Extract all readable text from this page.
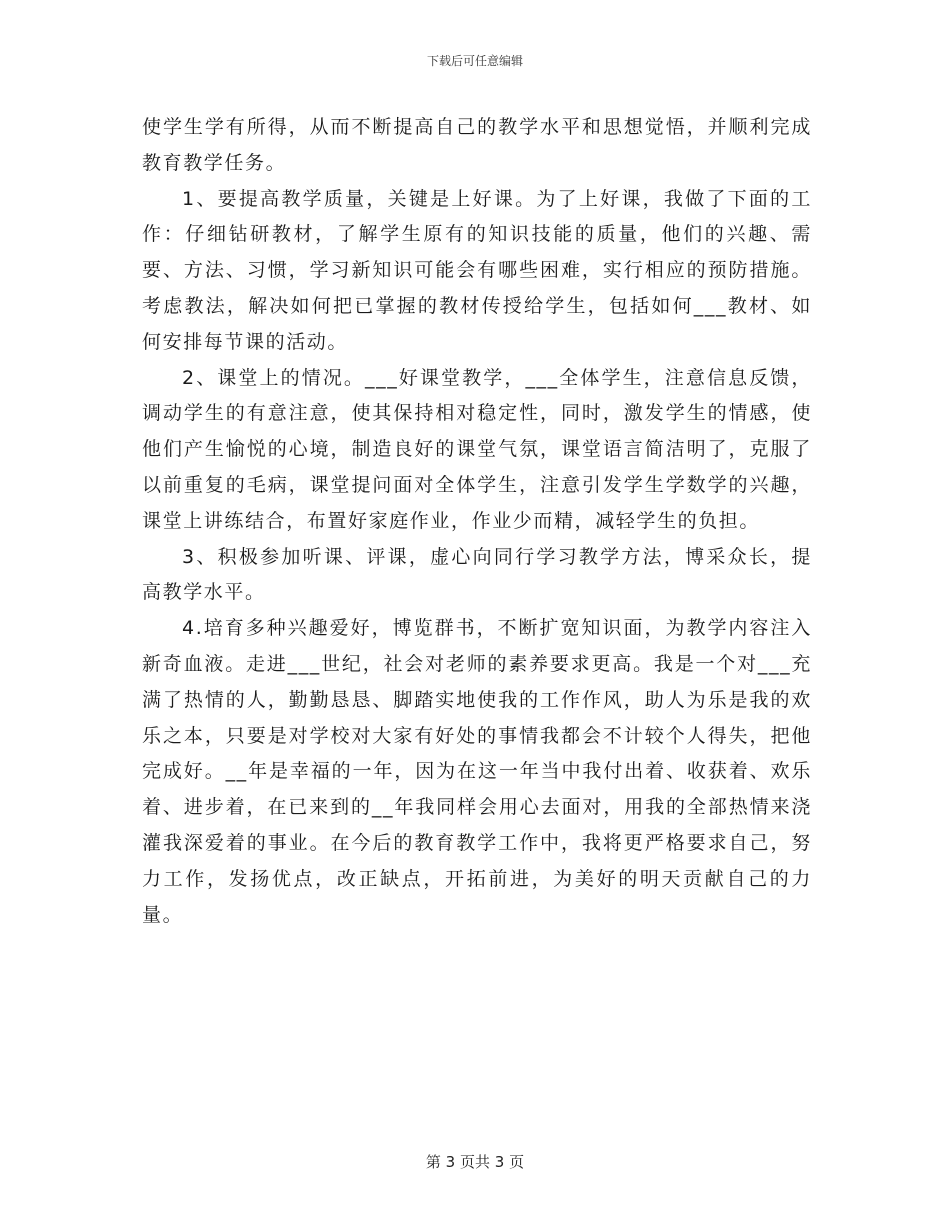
下载后可任意编辑

使学生学有所得，从而不断提高自己的教学水平和思想觉悟，并顺利完成教育教学任务。

1、要提高教学质量，关键是上好课。为了上好课，我做了下面的工作：仔细钻研教材，了解学生原有的知识技能的质量，他们的兴趣、需要、方法、习惯，学习新知识可能会有哪些困难，实行相应的预防措施。考虑教法，解决如何把已掌握的教材传授给学生，包括如何___教材、如何安排每节课的活动。

2、课堂上的情况。___好课堂教学，___全体学生，注意信息反馈，调动学生的有意注意，使其保持相对稳定性，同时，激发学生的情感，使他们产生愉悦的心境，制造良好的课堂气氛，课堂语言简洁明了，克服了以前重复的毛病，课堂提问面对全体学生，注意引发学生学数学的兴趣，课堂上讲练结合，布置好家庭作业，作业少而精，减轻学生的负担。

3、积极参加听课、评课，虚心向同行学习教学方法，博采众长，提高教学水平。

4.培育多种兴趣爱好，博览群书，不断扩宽知识面，为教学内容注入新奇血液。走进___世纪，社会对老师的素养要求更高。我是一个对___充满了热情的人，勤勤恳恳、脚踏实地使我的工作作风，助人为乐是我的欢乐之本，只要是对学校对大家有好处的事情我都会不计较个人得失，把他完成好。__年是幸福的一年，因为在这一年当中我付出着、收获着、欢乐着、进步着，在已来到的__年我同样会用心去面对，用我的全部热情来浇灌我深爱着的事业。在今后的教育教学工作中，我将更严格要求自己，努力工作，发扬优点，改正缺点，开拓前进，为美好的明天贡献自己的力量。

第 3 页共 3 页
